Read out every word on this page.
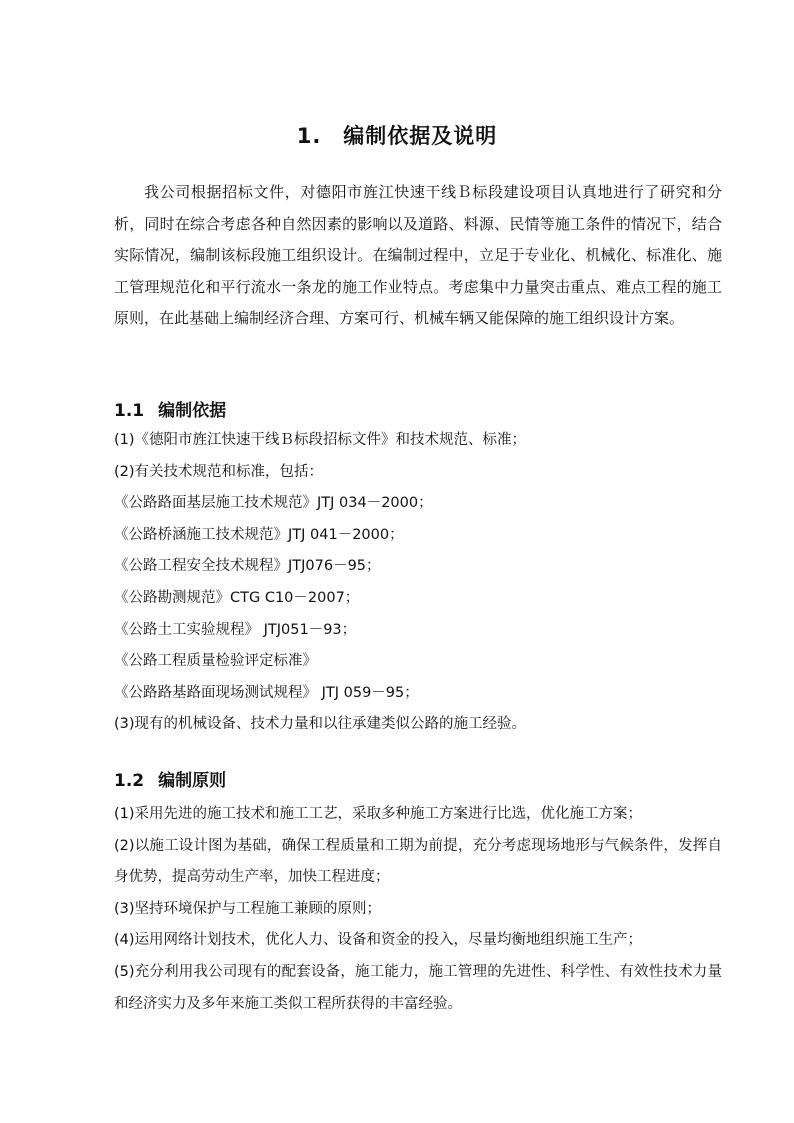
1. 编制依据及说明

我公司根据招标文件，对德阳市旌江快速干线Ｂ标段建设项目认真地进行了研究和分析，同时在综合考虑各种自然因素的影响以及道路、料源、民情等施工条件的情况下，结合实际情况，编制该标段施工组织设计。在编制过程中，立足于专业化、机械化、标准化、施工管理规范化和平行流水一条龙的施工作业特点。考虑集中力量突击重点、难点工程的施工原则，在此基础上编制经济合理、方案可行、机械车辆又能保障的施工组织设计方案。

1.1 编制依据
(1)《德阳市旌江快速干线Ｂ标段招标文件》和技术规范、标准；
(2)有关技术规范和标准，包括：
《公路路面基层施工技术规范》JTJ 034－2000；
《公路桥涵施工技术规范》JTJ 041－2000；
《公路工程安全技术规程》JTJ076－95；
《公路勘测规范》CTG C10－2007；
《公路土工实验规程》 JTJ051－93；
《公路工程质量检验评定标准》
《公路路基路面现场测试规程》 JTJ 059－95；
(3)现有的机械设备、技术力量和以往承建类似公路的施工经验。
1.2 编制原则
(1)采用先进的施工技术和施工工艺，采取多种施工方案进行比选，优化施工方案；
(2)以施工设计图为基础，确保工程质量和工期为前提，充分考虑现场地形与气候条件，发挥自身优势，提高劳动生产率，加快工程进度；
(3)坚持环境保护与工程施工兼顾的原则；
(4)运用网络计划技术，优化人力、设备和资金的投入，尽量均衡地组织施工生产；
(5)充分利用我公司现有的配套设备，施工能力，施工管理的先进性、科学性、有效性技术力量和经济实力及多年来施工类似工程所获得的丰富经验。
